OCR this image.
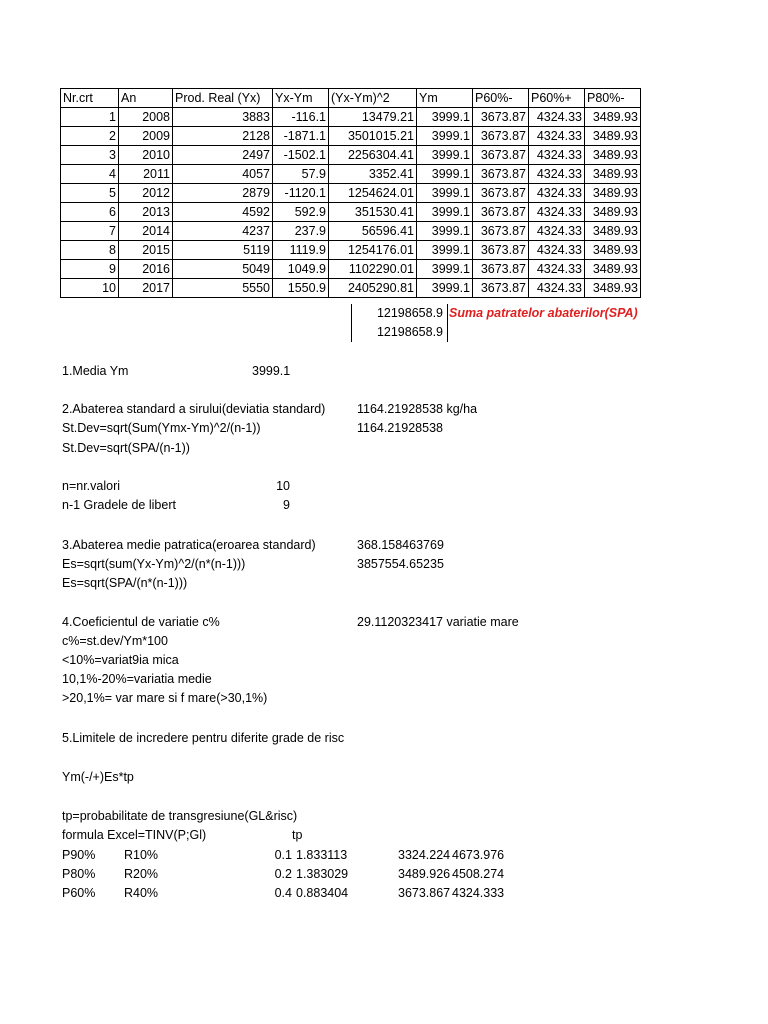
Nr.crt	An	Prod. Real (Yx)	Yx-Ym	(Yx-Ym)^2	Ym	P60%-	P60%+	P80%-
1	2008	3883	-116.1	13479.21	3999.1	3673.87	4324.33	3489.93
2	2009	2128	-1871.1	3501015.21	3999.1	3673.87	4324.33	3489.93
3	2010	2497	-1502.1	2256304.41	3999.1	3673.87	4324.33	3489.93
4	2011	4057	57.9	3352.41	3999.1	3673.87	4324.33	3489.93
5	2012	2879	-1120.1	1254624.01	3999.1	3673.87	4324.33	3489.93
6	2013	4592	592.9	351530.41	3999.1	3673.87	4324.33	3489.93
7	2014	4237	237.9	56596.41	3999.1	3673.87	4324.33	3489.93
8	2015	5119	1119.9	1254176.01	3999.1	3673.87	4324.33	3489.93
9	2016	5049	1049.9	1102290.01	3999.1	3673.87	4324.33	3489.93
10	2017	5550	1550.9	2405290.81	3999.1	3673.87	4324.33	3489.93
12198658.9
12198658.9
Suma patratelor abaterilor(SPA)
1.Media Ym	3999.1
2.Abaterea standard a sirului(deviatia standard)	1164.21928538 kg/ha
St.Dev=sqrt(Sum(Ymx-Ym)^2/(n-1))	1164.21928538
St.Dev=sqrt(SPA/(n-1))
n=nr.valori	10
n-1 Gradele de libert	9
3.Abaterea medie patratica(eroarea standard)	368.158463769
Es=sqrt(sum(Yx-Ym)^2/(n*(n-1)))	3857554.65235
Es=sqrt(SPA/(n*(n-1)))
4.Coeficientul de variatie c%	29.1120323417 variatie mare
c%=st.dev/Ym*100
<10%=variat9ia mica
10,1%-20%=variatia medie
>20,1%= var mare si f mare(>30,1%)
5.Limitele de incredere pentru diferite grade de risc
Ym(-/+)Es*tp
tp=probabilitate de transgresiune(GL&risc)
formula Excel=TINV(P;Gl)	tp
P90%	R10%	0.1 1.833113	3324.224 4673.976
P80%	R20%	0.2 1.383029	3489.926 4508.274
P60%	R40%	0.4 0.883404	3673.867 4324.333
